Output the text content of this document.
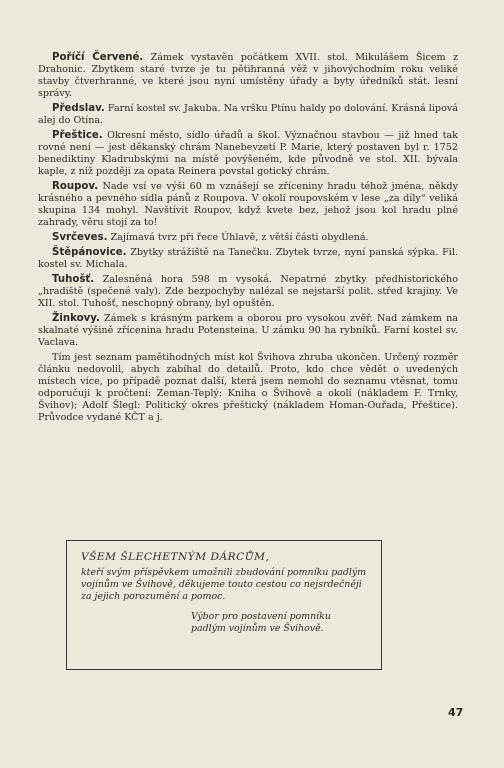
Poříčí Červené. Zámek vystavěn počátkem XVII. stol. Mikulášem Šicem z Drahonic. Zbytkem staré tvrze je tu pětihranná věž v jihovýchodním roku veliké stavby čtverhranné, ve které jsou nyní umístěny úřady a byty úředníků stát. lesní správy.

Předslav. Farní kostel sv. Jakuba. Na vršku Ptínu haldy po dolování. Krásná lipová alej do Otína.

Přeštice. Okresní město, sídlo úřadů a škol. Význačnou stavbou — již hned tak rovné není — jest děkanský chrám Nanebevzetí P. Marie, který postaven byl r. 1752 benediktiny Kladrubskými na místě povýšeném, kde původně ve stol. XII. bývala kaple, z níž později za opata Reinera povstal gotický chrám.

Roupov. Nade vsí ve výši 60 m vznášejí se zříceniny hradu téhož jména, někdy krásného a pevného sídla pánů z Roupova. V okolí roupovském v lese „za díly“ veliká skupina 134 mohyl. Navštívit Roupov, když kvete bez, jehož jsou kol hradu plné zahrady, věru stojí za to!

Svrčeves. Zajímavá tvrz při řece Úhlavě, z větší části obydlená.

Štěpánovice. Zbytky strážiště na Tanečku. Zbytek tvrze, nyní panská sýpka. Fil. kostel sv. Michala.

Tuhošť. Zalesněná hora 598 m vysoká. Nepatrné zbytky předhistorického „hradiště (spečené valy). Zde bezpochyby nalézal se nejstarší polit. střed krajiny. Ve XII. stol. Tuhošť, neschopný obrany, byl opuštěn.

Žinkovy. Zámek s krásným parkem a oborou pro vysokou zvěř. Nad zámkem na skalnaté výšině zřícenina hradu Potensteina. U zámku 90 ha rybníků. Farní kostel sv. Vaclava.

Tím jest seznam pamětihodných míst kol Švihova zhruba ukončen. Určený rozměr článku nedovolil, abych zabíhal do detailů. Proto, kdo chce vědět o uvedených místech více, po případě poznat další, která jsem nemohl do seznamu vtěsnat, tomu odporučuji k pročtení: Zeman-Teplý: Kniha o Švihově a okolí (nákladem F. Trnky, Švihov); Adolf Šlegl: Politický okres přeštický (nákladem Homan-Ouřada, Přeštice). Průvodce vydané KČT a j.

VŠEM ŠLECHETNÝM DÁRCŮM,

kteří svým příspěvkem umožnili zbudování pomníku padlým vojínům ve Švihově, děkujeme touto cestou co nejsrdečněji za jejich porozumění a pomoc.

Výbor pro postavení pomníku padlým vojínům ve Švihově.
47
